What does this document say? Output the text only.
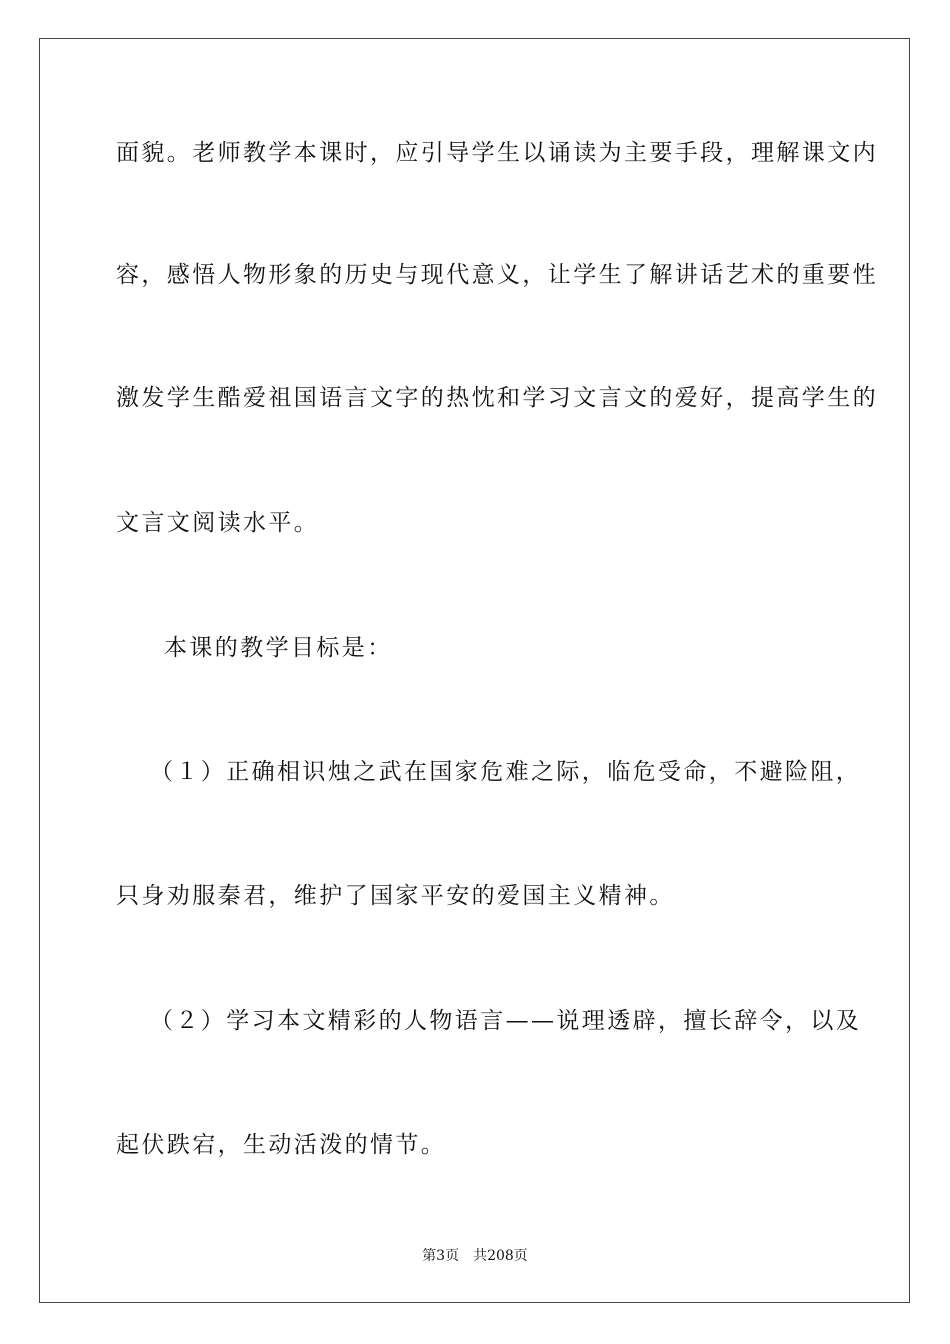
面貌。老师教学本课时，应引导学生以诵读为主要手段，理解课文内
容，感悟人物形象的历史与现代意义，让学生了解讲话艺术的重要性
激发学生酷爱祖国语言文字的热忱和学习文言文的爱好，提高学生的
文言文阅读水平。
本课的教学目标是：
（１）正确相识烛之武在国家危难之际，临危受命，不避险阻，
只身劝服秦君，维护了国家平安的爱国主义精神。
（２）学习本文精彩的人物语言——说理透辟，擅长辞令，以及
起伏跌宕，生动活泼的情节。
第3页　共208页
